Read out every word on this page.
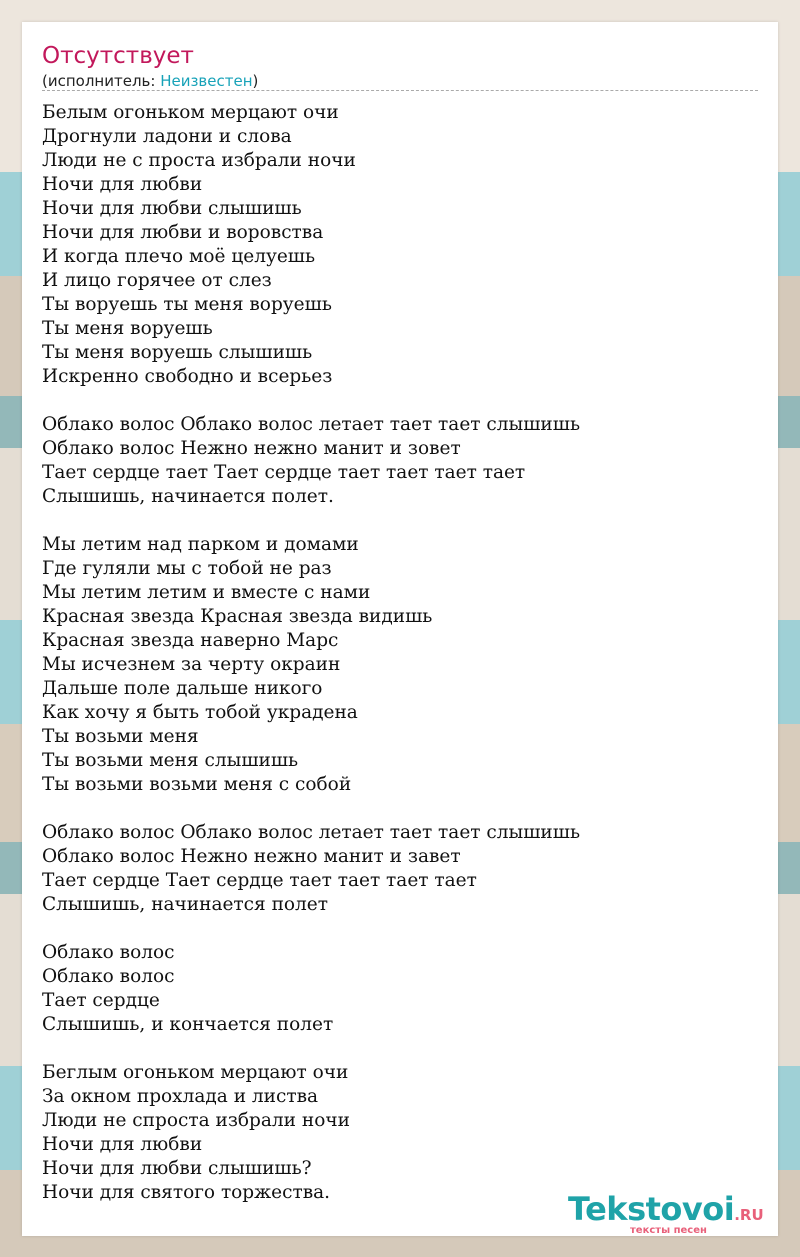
Отсутствует
(исполнитель: Неизвестен)
Белым огоньком мерцают очи
Дрогнули ладони и слова
Люди не с проста избрали ночи
Ночи для любви
Ночи для любви слышишь
Ночи для любви и воровства
И когда плечо моё целуешь
И лицо горячее от слез
Ты воруешь ты меня воруешь
Ты меня воруешь
Ты меня воруешь слышишь
Искренно свободно и всерьез
Облако волос Облако волос летает тает тает слышишь
Облако волос Нежно нежно манит и зовет
Тает сердце тает Тает сердце тает тает тает тает
Слышишь, начинается полет.
Мы летим над парком и домами
Где гуляли мы с тобой не раз
Мы летим летим и вместе с нами
Красная звезда Красная звезда видишь
Красная звезда наверно Марс
Мы исчезнем за черту окраин
Дальше поле дальше никого
Как хочу я быть тобой украдена
Ты возьми меня
Ты возьми меня слышишь
Ты возьми возьми меня с собой
Облако волос Облако волос летает тает тает слышишь
Облако волос Нежно нежно манит и завет
Тает сердце Тает сердце тает тает тает тает
Слышишь, начинается полет
Облако волос
Облако волос
Тает сердце
Слышишь, и кончается полет
Беглым огоньком мерцают очи
За окном прохлада и листва
Люди не спроста избрали ночи
Ночи для любви
Ночи для любви слышишь?
Ночи для святого торжества.	Tekstovoi.RU
тексты песен
